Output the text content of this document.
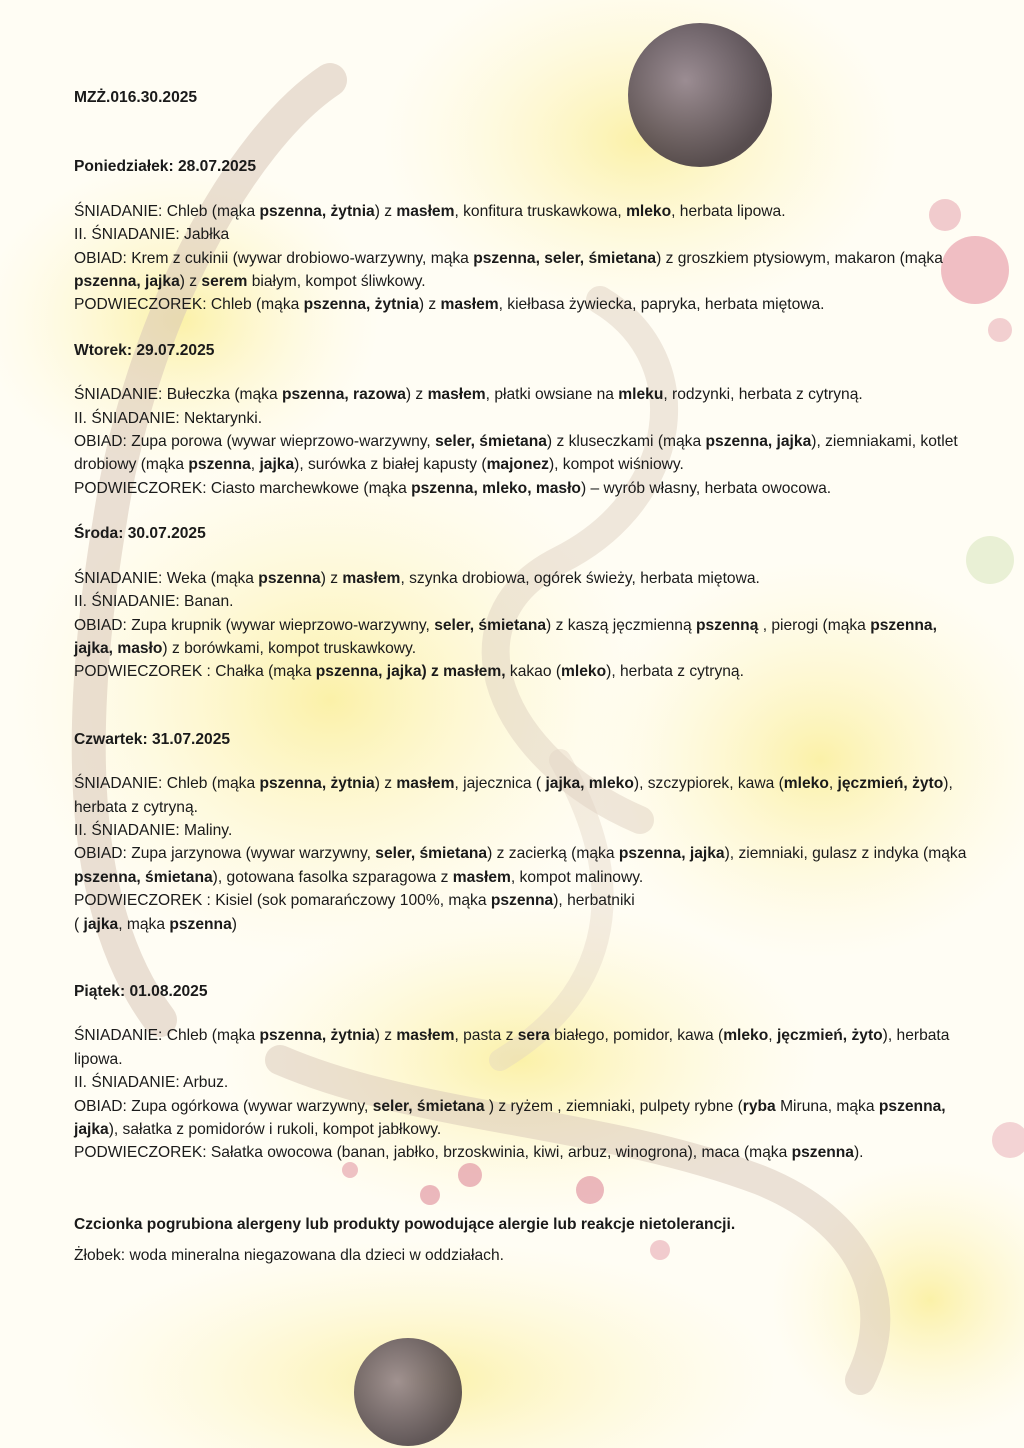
MZŻ.016.30.2025
Poniedziałek: 28.07.2025
ŚNIADANIE: Chleb (mąka pszenna, żytnia) z masłem, konfitura truskawkowa, mleko, herbata lipowa.
II. ŚNIADANIE: Jabłka
OBIAD: Krem z cukinii (wywar drobiowo-warzywny, mąka pszenna, seler, śmietana) z groszkiem ptysiowym, makaron (mąka pszenna, jajka) z serem białym, kompot śliwkowy.
PODWIECZOREK: Chleb (mąka pszenna, żytnia) z masłem, kiełbasa żywiecka, papryka, herbata miętowa.
Wtorek: 29.07.2025
ŚNIADANIE: Bułeczka (mąka pszenna, razowa) z masłem, płatki owsiane na mleku, rodzynki, herbata z cytryną.
II. ŚNIADANIE: Nektarynki.
OBIAD: Zupa porowa (wywar wieprzowo-warzywny, seler, śmietana) z kluseczkami (mąka pszenna, jajka), ziemniakami, kotlet drobiowy (mąka pszenna, jajka), surówka z białej kapusty (majonez), kompot wiśniowy.
PODWIECZOREK: Ciasto marchewkowe (mąka pszenna, mleko, masło) – wyrób własny, herbata owocowa.
Środa: 30.07.2025
ŚNIADANIE: Weka (mąka pszenna) z masłem, szynka drobiowa, ogórek świeży, herbata miętowa.
II. ŚNIADANIE: Banan.
OBIAD: Zupa krupnik (wywar wieprzowo-warzywny, seler, śmietana) z kaszą jęczmienną pszenną , pierogi (mąka pszenna, jajka, masło) z borówkami, kompot truskawkowy.
PODWIECZOREK : Chałka (mąka pszenna, jajka) z masłem, kakao (mleko), herbata z cytryną.
Czwartek: 31.07.2025
ŚNIADANIE: Chleb (mąka pszenna, żytnia) z masłem, jajecznica ( jajka, mleko), szczypiorek, kawa (mleko, jęczmień, żyto), herbata z cytryną.
II. ŚNIADANIE: Maliny.
OBIAD: Zupa jarzynowa (wywar warzywny, seler, śmietana) z zacierką (mąka pszenna, jajka), ziemniaki, gulasz z indyka (mąka pszenna, śmietana), gotowana fasolka szparagowa z masłem, kompot malinowy.
PODWIECZOREK : Kisiel (sok pomarańczowy 100%, mąka pszenna), herbatniki
( jajka, mąka pszenna)
Piątek: 01.08.2025
ŚNIADANIE: Chleb (mąka pszenna, żytnia) z masłem, pasta z sera białego, pomidor, kawa (mleko, jęczmień, żyto), herbata lipowa.
II. ŚNIADANIE: Arbuz.
OBIAD: Zupa ogórkowa (wywar warzywny, seler, śmietana ) z ryżem , ziemniaki, pulpety rybne (ryba Miruna, mąka pszenna, jajka), sałatka z pomidorów i rukoli, kompot jabłkowy.
PODWIECZOREK: Sałatka owocowa (banan, jabłko, brzoskwinia, kiwi, arbuz, winogrona), maca (mąka pszenna).
Czcionka pogrubiona alergeny lub produkty powodujące alergie lub reakcje nietolerancji.
Żłobek: woda mineralna niegazowana dla dzieci w oddziałach.
